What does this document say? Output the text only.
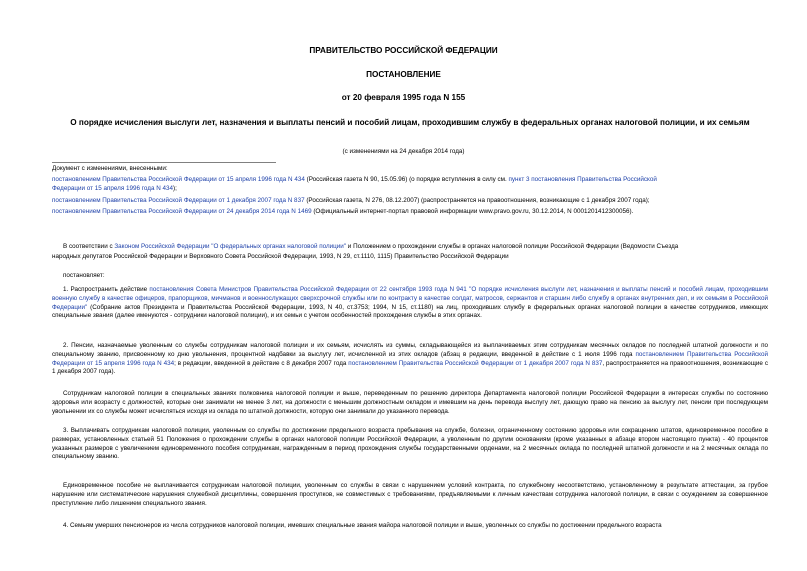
ПРАВИТЕЛЬСТВО РОССИЙСКОЙ ФЕДЕРАЦИИ
ПОСТАНОВЛЕНИЕ
от 20 февраля 1995 года N 155
О порядке исчисления выслуги лет, назначения и выплаты пенсий и пособий лицам, проходившим службу в федеральных органах налоговой полиции, и их семьям
(с изменениями на 24 декабря 2014 года)
Документ с изменениями, внесенными:
постановлением Правительства Российской Федерации от 15 апреля 1996 года N 434 (Российская газета N 90, 15.05.96) (о порядке вступления в силу см. пункт 3 постановления Правительства Российской
Федерации от 15 апреля 1996 года N 434);
постановлением Правительства Российской Федерации от 1 декабря 2007 года N 837 (Российская газета, N 276, 08.12.2007) (распространяется на правоотношения, возникающие с 1 декабря 2007 года);
постановлением Правительства Российской Федерации от 24 декабря 2014 года N 1469 (Официальный интернет-портал правовой информации www.pravo.gov.ru, 30.12.2014, N 0001201412300056).
В соответствии с Законом Российской Федерации "О федеральных органах налоговой полиции" и Положением о прохождении службы в органах налоговой полиции Российской Федерации (Ведомости Съезда
народных депутатов Российской Федерации и Верховного Совета Российской Федерации, 1993, N 29, ст.1110, 1115) Правительство Российской Федерации
постановляет:
1. Распространить действие постановления Совета Министров Правительства Российской Федерации от 22 сентября 1993 года N 941 "О порядке исчисления выслуги лет, назначения и выплаты пенсий и пособий лицам, проходившим военную службу в качестве офицеров, прапорщиков, мичманов и военнослужащих сверхсрочной службы или по контракту в качестве солдат, матросов, сержантов и старшин либо службу в органах внутренних дел, и их семьям в Российской Федерации" (Собрание актов Президента и Правительства Российской Федерации, 1993, N 40, ст.3753; 1994, N 15, ст.1180) на лиц, проходивших службу в федеральных органах налоговой полиции в качестве сотрудников, имеющих специальные звания (далее именуются - сотрудники налоговой полиции), и их семьи с учетом особенностей прохождения службы в этих органах.
2. Пенсии, назначаемые уволенным со службы сотрудникам налоговой полиции и их семьям, исчислять из суммы, складывающейся из выплачиваемых этим сотрудникам месячных окладов по последней штатной должности и по специальному званию, присвоенному ко дню увольнения, процентной надбавки за выслугу лет, исчисленной из этих окладов (абзац в редакции, введенной в действие с 1 июля 1996 года постановлением Правительства Российской Федерации от 15 апреля 1996 года N 434; в редакции, введенной в действие с 8 декабря 2007 года постановлением Правительства Российской Федерации от 1 декабря 2007 года N 837, распространяется на правоотношения, возникающие с 1 декабря 2007 года).
Сотрудникам налоговой полиции в специальных званиях полковника налоговой полиции и выше, переведенным по решению директора Департамента налоговой полиции Российской Федерации в интересах службы по состоянию здоровья или возрасту с должностей, которые они занимали не менее 3 лет, на должности с меньшим должностным окладом и имевшим на день перевода выслугу лет, дающую право на пенсию за выслугу лет, пенсии при последующем увольнении их со службы может исчисляться исходя из оклада по штатной должности, которую они занимали до указанного перевода.
3. Выплачивать сотрудникам налоговой полиции, уволенным со службы по достижении предельного возраста пребывания на службе, болезни, ограниченному состоянию здоровья или сокращению штатов, единовременное пособие в размерах, установленных статьей 51 Положения о прохождении службы в органах налоговой полиции Российской Федерации, а уволенным по другим основаниям (кроме указанных в абзаце втором настоящего пункта) - 40 процентов указанных размеров с увеличением единовременного пособия сотрудникам, награжденным в период прохождения службы государственными орденами, на 2 месячных оклада по последней штатной должности и на 2 месячных оклада по специальному званию.
Единовременное пособие не выплачивается сотрудникам налоговой полиции, уволенным со службы в связи с нарушением условий контракта, по служебному несоответствию, установленному в результате аттестации, за грубое нарушение или систематические нарушения служебной дисциплины, совершения проступков, не совместимых с требованиями, предъявляемыми к личным качествам сотрудника налоговой полиции, в связи с осуждением за совершенное преступление либо лишением специального звания.
4. Семьям умерших пенсионеров из числа сотрудников налоговой полиции, имевших специальные звания майора налоговой полиции и выше, уволенных со службы по достижении предельного возраста
